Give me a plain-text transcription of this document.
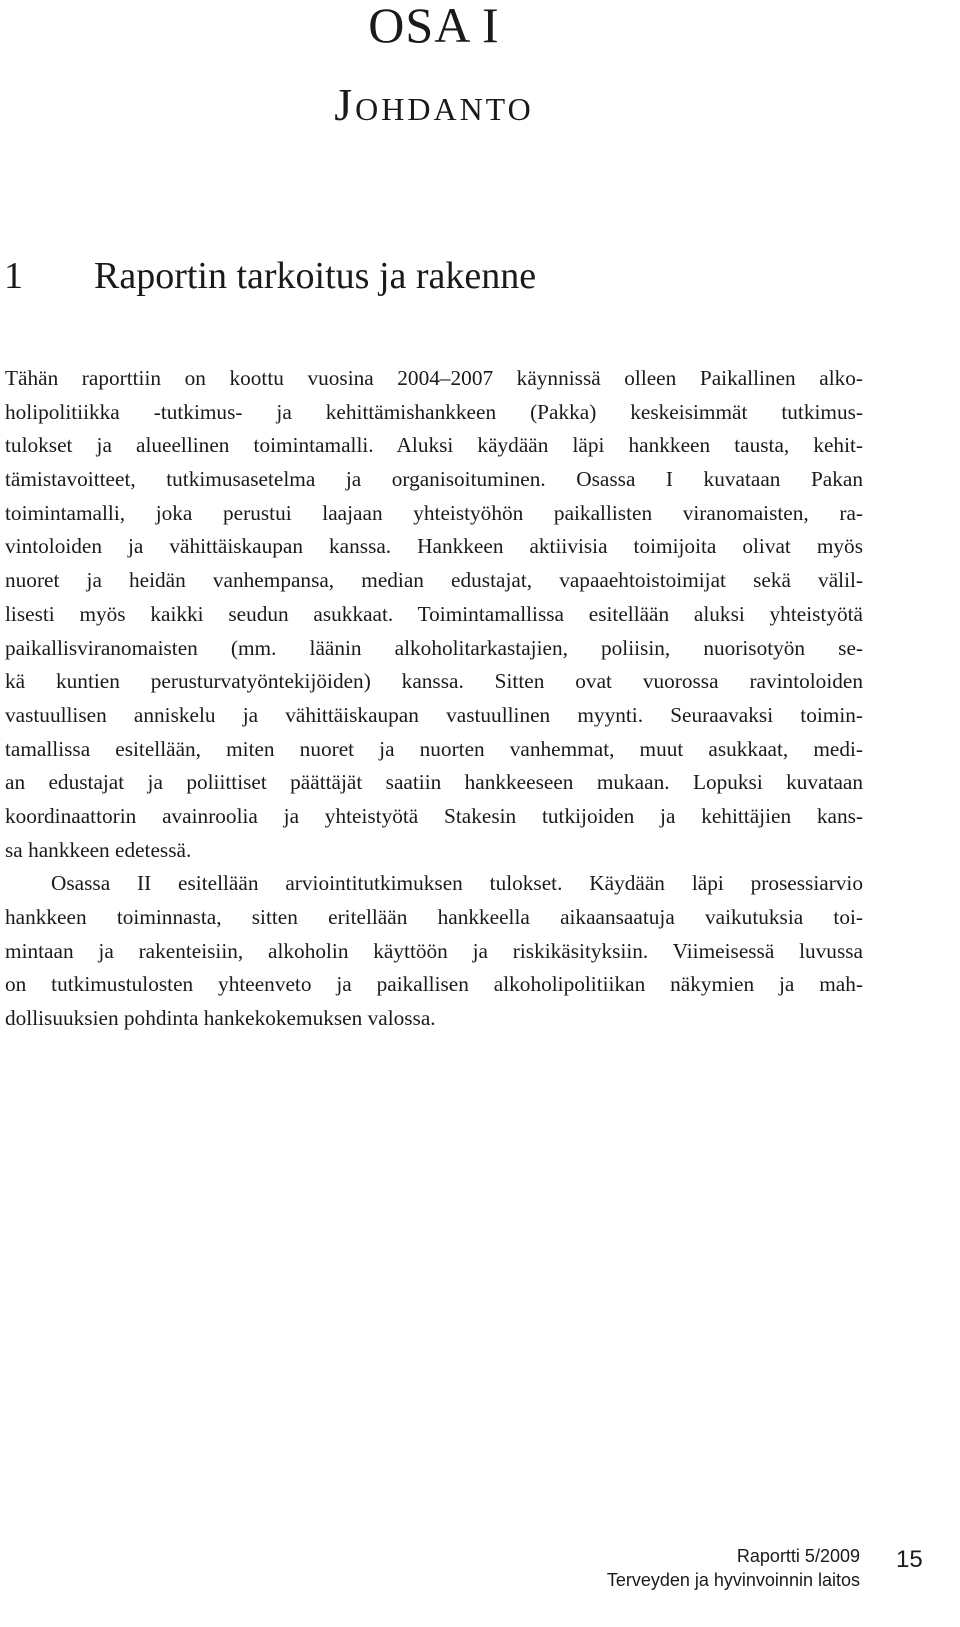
OSA I
Johdanto
1 Raportin tarkoitus ja rakenne
Tähän raporttiin on koottu vuosina 2004–2007 käynnissä olleen Paikallinen alko-
holipolitiikka -tutkimus- ja kehittämishankkeen (Pakka) keskeisimmät tutkimus-
tulokset ja alueellinen toimintamalli. Aluksi käydään läpi hankkeen tausta, kehit-
tämistavoitteet, tutkimusasetelma ja organisoituminen. Osassa I kuvataan Pakan
toimintamalli, joka perustui laajaan yhteistyöhön paikallisten viranomaisten, ra-
vintoloiden ja vähittäiskaupan kanssa. Hankkeen aktiivisia toimijoita olivat myös
nuoret ja heidän vanhempansa, median edustajat, vapaaehtoistoimijat sekä välil-
lisesti myös kaikki seudun asukkaat. Toimintamallissa esitellään aluksi yhteistyötä
paikallisviranomaisten (mm. läänin alkoholitarkastajien, poliisin, nuorisotyön se-
kä kuntien perusturvatyöntekijöiden) kanssa. Sitten ovat vuorossa ravintoloiden
vastuullisen anniskelu ja vähittäiskaupan vastuullinen myynti. Seuraavaksi toimin-
tamallissa esitellään, miten nuoret ja nuorten vanhemmat, muut asukkaat, medi-
an edustajat ja poliittiset päättäjät saatiin hankkeeseen mukaan. Lopuksi kuvataan
koordinaattorin avainroolia ja yhteistyötä Stakesin tutkijoiden ja kehittäjien kans-
sa hankkeen edetessä.
Osassa II esitellään arviointitutkimuksen tulokset. Käydään läpi prosessiarvio
hankkeen toiminnasta, sitten eritellään hankkeella aikaansaatuja vaikutuksia toi-
mintaan ja rakenteisiin, alkoholin käyttöön ja riskikäsityksiin. Viimeisessä luvussa
on tutkimustulosten yhteenveto ja paikallisen alkoholipolitiikan näkymien ja mah-
dollisuuksien pohdinta hankekokemuksen valossa.
Raportti 5/2009
Terveyden ja hyvinvoinnin laitos
15
